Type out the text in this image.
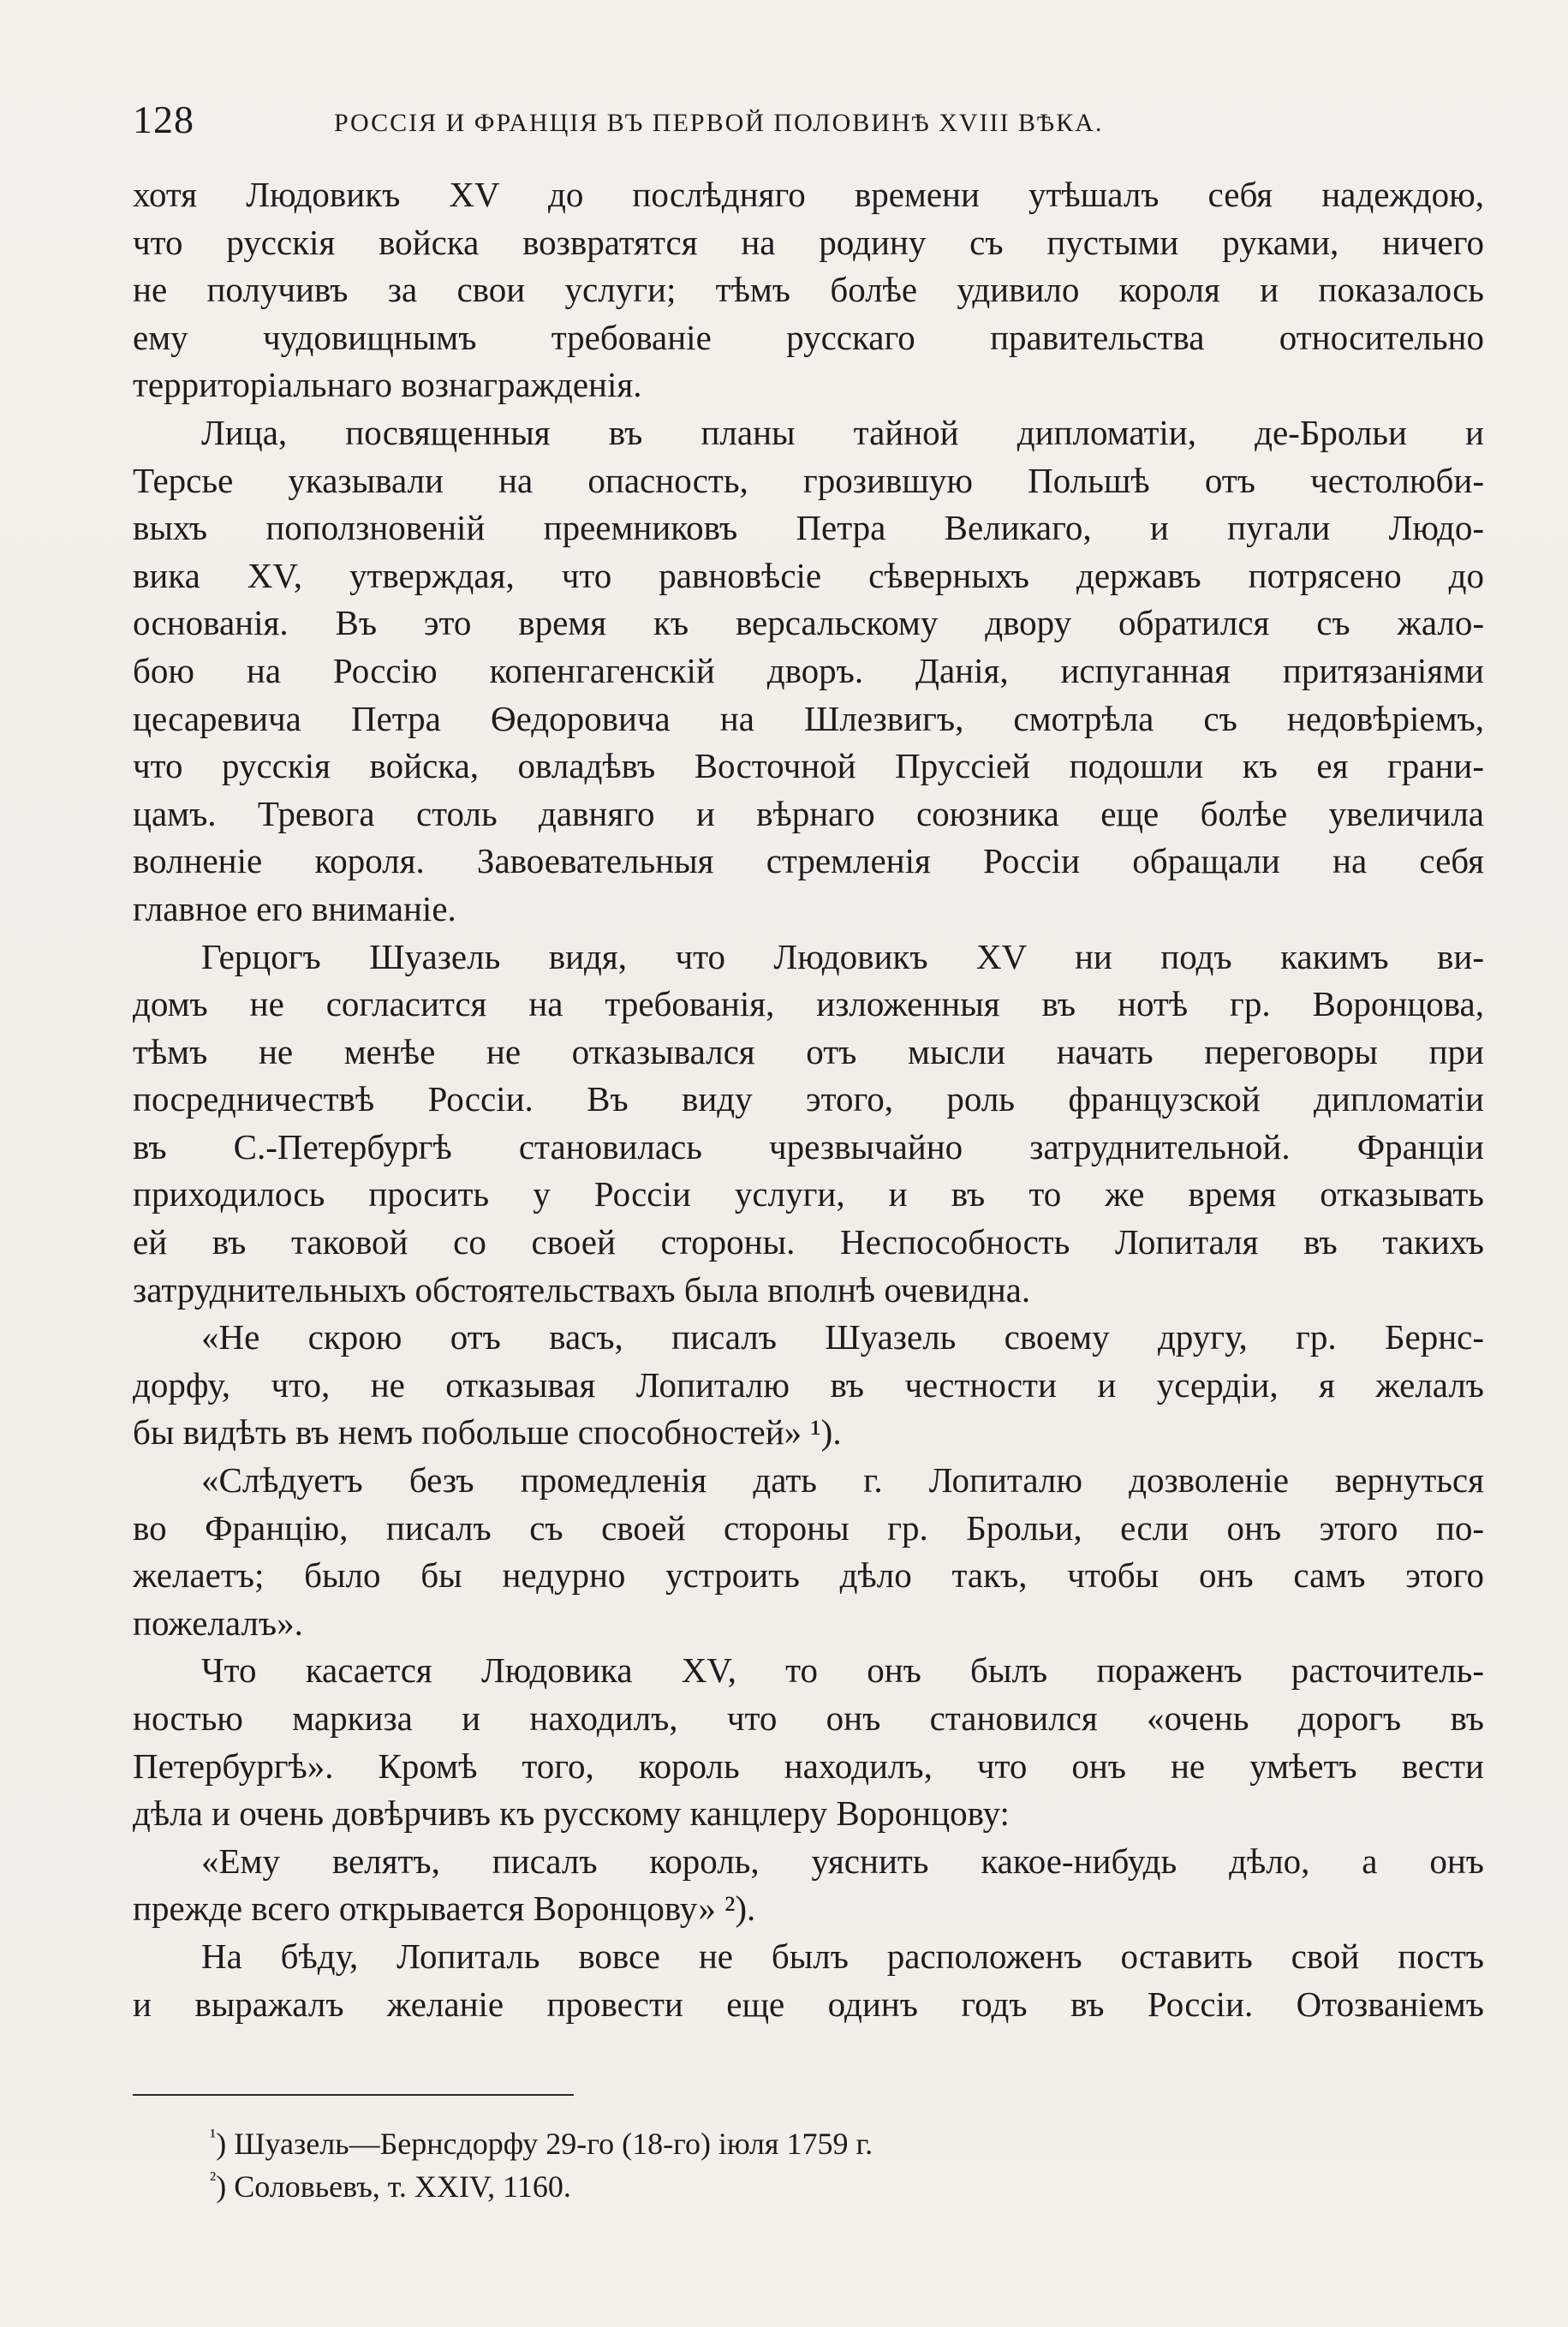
128	РОССІЯ И ФРАНЦІЯ ВЪ ПЕРВОЙ ПОЛОВИНѢ XVIII ВѢКА.
хотя Людовикъ XV до послѣдняго времени утѣшалъ себя надеждою,
что русскія войска возвратятся на родину съ пустыми руками, ничего
не получивъ за свои услуги; тѣмъ болѣе удивило короля и показалось
ему чудовищнымъ требованіе русскаго правительства относительно
территоріальнаго вознагражденія.
Лица, посвященныя въ планы тайной дипломатіи, де-Брольи и
Терсье указывали на опасность, грозившую Польшѣ отъ честолюби-
выхъ поползновеній преемниковъ Петра Великаго, и пугали Людо-
вика XV, утверждая, что равновѣсіе сѣверныхъ державъ потрясено до
основанія. Въ это время къ версальскому двору обратился съ жало-
бою на Россію копенгагенскій дворъ. Данія, испуганная притязаніями
цесаревича Петра Ѳедоровича на Шлезвигъ, смотрѣла съ недовѣріемъ,
что русскія войска, овладѣвъ Восточной Пруссіей подошли къ ея грани-
цамъ. Тревога столь давняго и вѣрнаго союзника еще болѣе увеличила
волненіе короля. Завоевательныя стремленія Россіи обращали на себя
главное его вниманіе.
Герцогъ Шуазель видя, что Людовикъ XV ни подъ какимъ ви-
домъ не согласится на требованія, изложенныя въ нотѣ гр. Воронцова,
тѣмъ не менѣе не отказывался отъ мысли начать переговоры при
посредничествѣ Россіи. Въ виду этого, роль французской дипломатіи
въ С.-Петербургѣ становилась чрезвычайно затруднительной. Франціи
приходилось просить у Россіи услуги, и въ то же время отказывать
ей въ таковой со своей стороны. Неспособность Лопиталя въ такихъ
затруднительныхъ обстоятельствахъ была вполнѣ очевидна.
«Не скрою отъ васъ, писалъ Шуазель своему другу, гр. Бернс-
дорфу, что, не отказывая Лопиталю въ честности и усердіи, я желалъ
бы видѣть въ немъ побольше способностей» ¹).
«Слѣдуетъ безъ промедленія дать г. Лопиталю дозволеніе вернуться
во Францію, писалъ съ своей стороны гр. Брольи, если онъ этого по-
желаетъ; было бы недурно устроить дѣло такъ, чтобы онъ самъ этого
пожелалъ».
Что касается Людовика XV, то онъ былъ пораженъ расточитель-
ностью маркиза и находилъ, что онъ становился «очень дорогъ въ
Петербургѣ». Кромѣ того, король находилъ, что онъ не умѣетъ вести
дѣла и очень довѣрчивъ къ русскому канцлеру Воронцову:
«Ему велятъ, писалъ король, уяснить какое-нибудь дѣло, а онъ
прежде всего открывается Воронцову» ²).
На бѣду, Лопиталь вовсе не былъ расположенъ оставить свой постъ
и выражалъ желаніе провести еще одинъ годъ въ Россіи. Отозваніемъ
$^{^1}$) Шуазель—Бернсдорфу 29-го (18-го) іюля 1759 г.
$^{^2}$) Соловьевъ, т. XXIV, 1160.
